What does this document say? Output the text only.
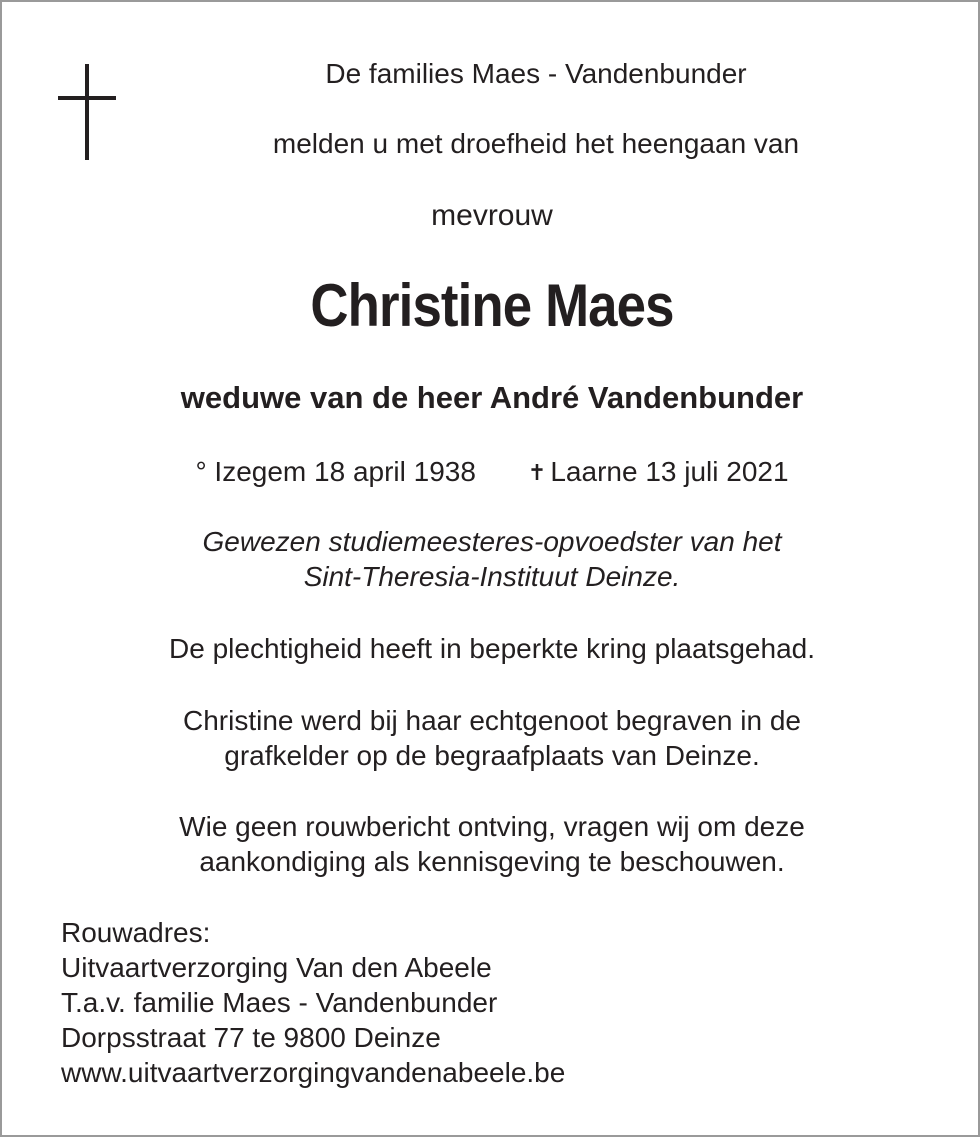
De families Maes - Vandenbunder
melden u met droefheid het heengaan van
mevrouw
Christine Maes
weduwe van de heer André Vandenbunder
° Izegem 18 april 1938 ✝ Laarne 13 juli 2021
Gewezen studiemeesteres-opvoedster van het
Sint-Theresia-Instituut Deinze.
De plechtigheid heeft in beperkte kring plaatsgehad.
Christine werd bij haar echtgenoot begraven in de
grafkelder op de begraafplaats van Deinze.
Wie geen rouwbericht ontving, vragen wij om deze
aankondiging als kennisgeving te beschouwen.
Rouwadres:
Uitvaartverzorging Van den Abeele
T.a.v. familie Maes - Vandenbunder
Dorpsstraat 77 te 9800 Deinze
www.uitvaartverzorgingvandenabeele.be
